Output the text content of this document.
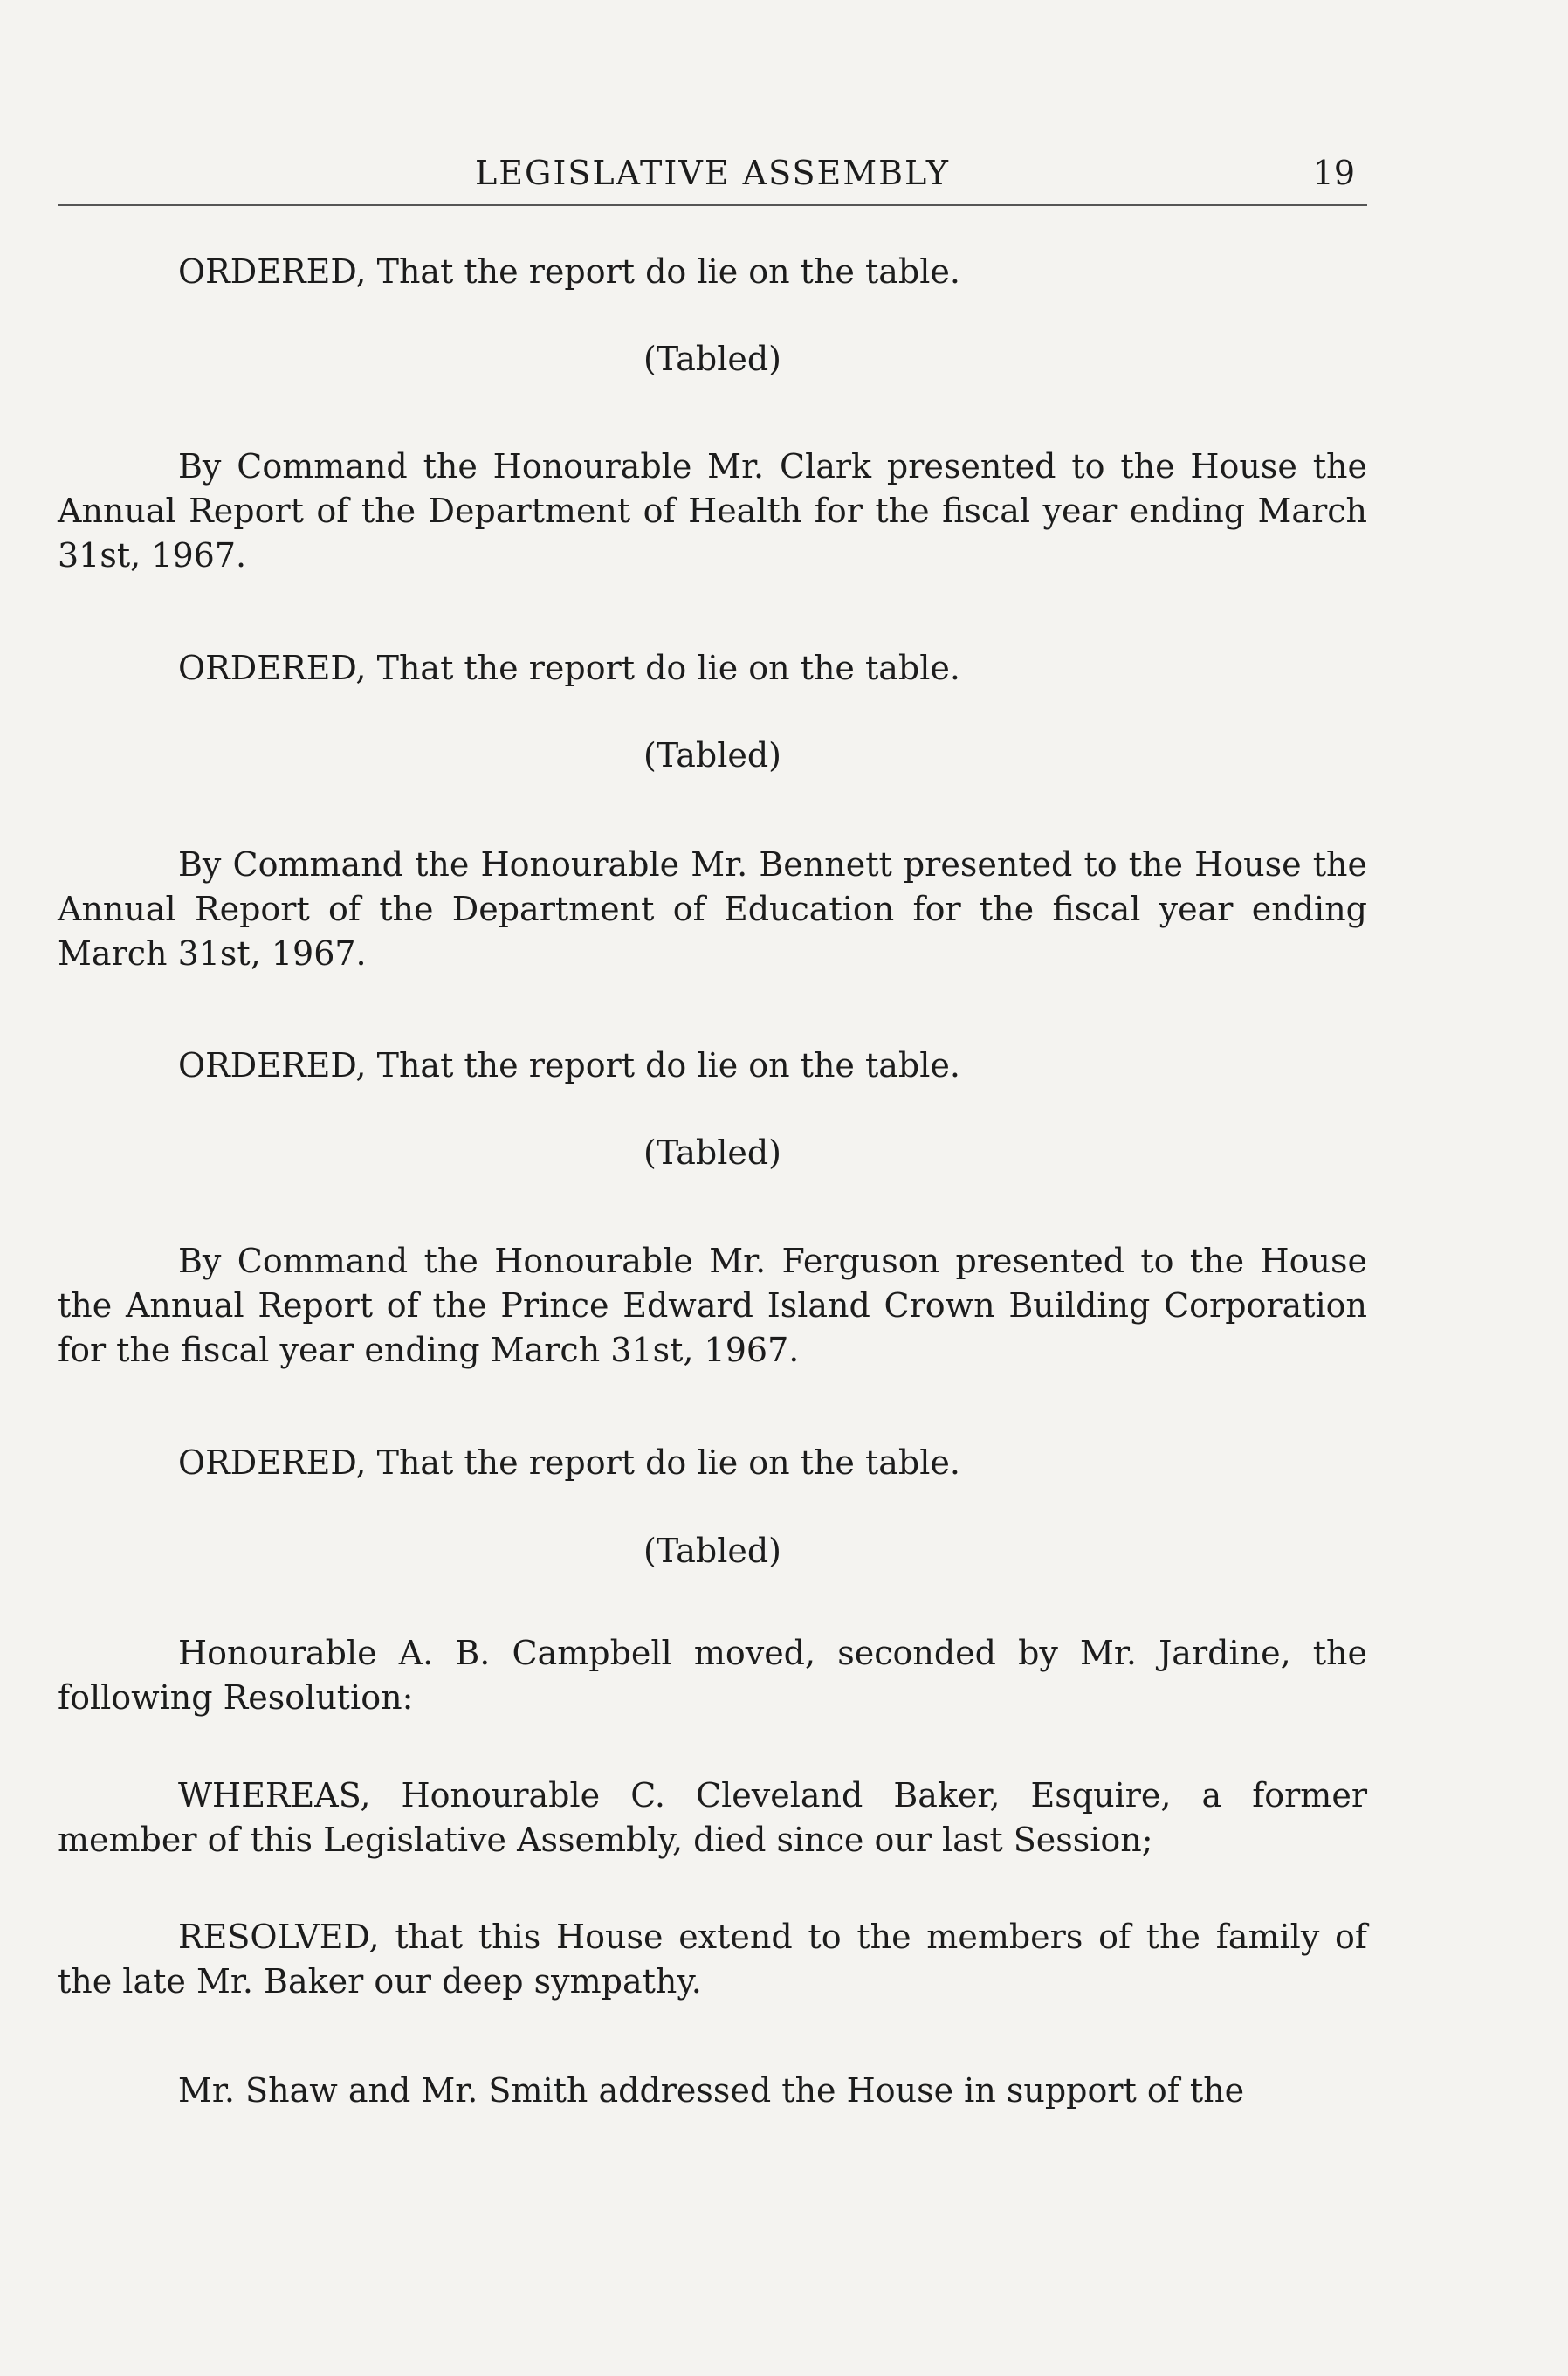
LEGISLATIVE ASSEMBLY	19

ORDERED, That the report do lie on the table.

(Tabled)

By Command the Honourable Mr. Clark presented to the House the Annual Report of the Department of Health for the fiscal year ending March 31st, 1967.

ORDERED, That the report do lie on the table.

(Tabled)

By Command the Honourable Mr. Bennett presented to the House the Annual Report of the Department of Education for the fiscal year ending March 31st, 1967.

ORDERED, That the report do lie on the table.

(Tabled)

By Command the Honourable Mr. Ferguson presented to the House the Annual Report of the Prince Edward Island Crown Building Corporation for the fiscal year ending March 31st, 1967.

ORDERED, That the report do lie on the table.

(Tabled)

Honourable A. B. Campbell moved, seconded by Mr. Jardine, the following Resolution:

WHEREAS, Honourable C. Cleveland Baker, Esquire, a former member of this Legislative Assembly, died since our last Session;

RESOLVED, that this House extend to the members of the family of the late Mr. Baker our deep sympathy.

Mr. Shaw and Mr. Smith addressed the House in support of the
